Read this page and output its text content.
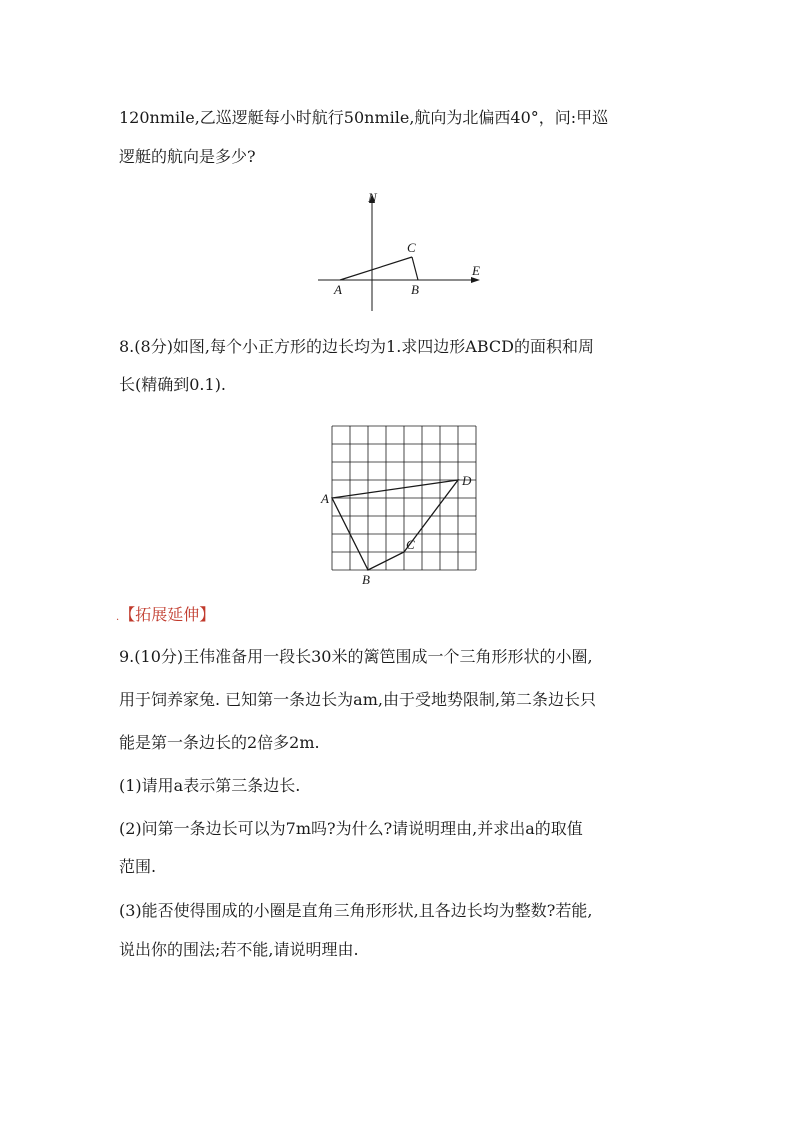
120nmile,乙巡逻艇每小时航行50nmile,航向为北偏西40°，问:甲巡
逻艇的航向是多少?
N
E
A	B
C
8.(8分)如图,每个小正方形的边长均为1.求四边形ABCD的面积和周
长(精确到0.1).
A
B
C
D
.【拓展延伸】
9.(10分)王伟准备用一段长30米的篱笆围成一个三角形形状的小圈,
用于饲养家兔. 已知第一条边长为am,由于受地势限制,第二条边长只
能是第一条边长的2倍多2m.
(1)请用a表示第三条边长.
(2)问第一条边长可以为7m吗?为什么?请说明理由,并求出a的取值
范围.
(3)能否使得围成的小圈是直角三角形形状,且各边长均为整数?若能,
说出你的围法;若不能,请说明理由.
